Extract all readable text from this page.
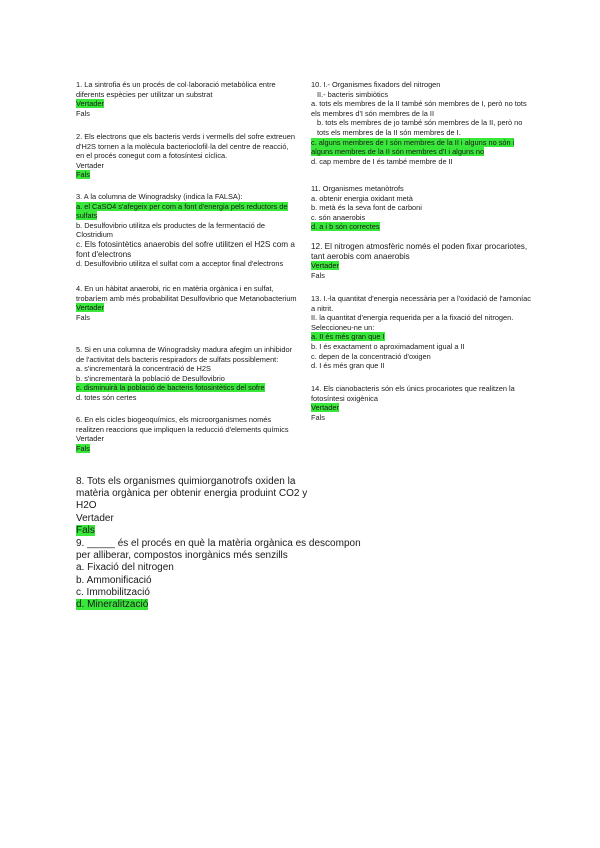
1. La sintrofia és un procés de col·laboració metabòlica entre diferents espècies per utilitzar un substrat

Vertader

Fals

2. Els electrons que els bacteris verds i vermells del sofre extreuen d'H2S tornen a la molècula bacterioclofil·la del centre de reacció, en el procés conegut com a fotosíntesi cíclica.

Vertader
Fals

3. A la columna de Winogradsky (indica la FALSA):

a. el CaSO4 s'afegeix per com a font d'energia pels reductors de sulfats

b. Desulfovibrio utilitza els productes de la fermentació de Clostridium

c. Els fotosintètics anaerobis del sofre utilitzen el H2S com a font d'electrons

d. Desulfovibrio utilitza el sulfat com a acceptor final d'electrons

4. En un hàbitat anaerobi, ric en matèria orgànica i en sulfat, trobaríem amb més probabilitat Desulfovibrio que Metanobacterium

Vertader

Fals

5. Si en una columna de Winogradsky madura afegim un inhibidor de l'activitat dels bacteris respiradors de sulfats possiblement:

a. s'incrementarà la concentració de H2S

b. s'incrementarà la població de Desulfovibrio

c. disminuirà la població de bacteris fotosintètics del sofre

d. totes són certes

6. En els cicles biogeoquímics, els microorganismes només realitzen reaccions que impliquen la reducció d'elements químics

Vertader
Fals

10. I.- Organismes fixadors del nitrogen

II.- bacteris simbiòtics

a. tots els membres de la II també són membres de I, però no tots els membres d'I són membres de la II

b. tots els membres de jo també són membres de la II, però no tots els membres de la II són membres de I.

c. alguns membres de I són membres de la II i alguns no són i alguns membres de la II són membres d'I i alguns no

d. cap membre de I és també membre de II

11. Organismes metanòtrofs

a. obtenir energia oxidant metà

b. metà és la seva font de carboni

c. són anaerobis

d. a i b són correctes

12. El nitrogen atmosfèric només el poden fixar procariotes, tant aerobis com anaerobis

Vertader

Fals

13. I.-la quantitat d'energia necessària per a l'oxidació de l'amoníac a nitrit.

II. la quantitat d'energia requerida per a la fixació del nitrogen. Seleccioneu-ne un:

a. II és més gran que I

b. I és exactament o aproximadament igual a II

c. depen de la concentració d'oxigen

d. I és més gran que II

14. Els cianobacteris són els únics procariotes que realitzen la fotosíntesi oxigènica

Vertader

Fals

8. Tots els organismes quimiorganotrofs oxiden la matèria orgànica per obtenir energia produint CO2 y H2O

Vertader

Fals

9. _____ és el procés en què la matèria orgànica es descompon per alliberar, compostos inorgànics més senzills

a. Fixació del nitrogen

b. Ammonificació

c. Immobilització

d. Mineralització
